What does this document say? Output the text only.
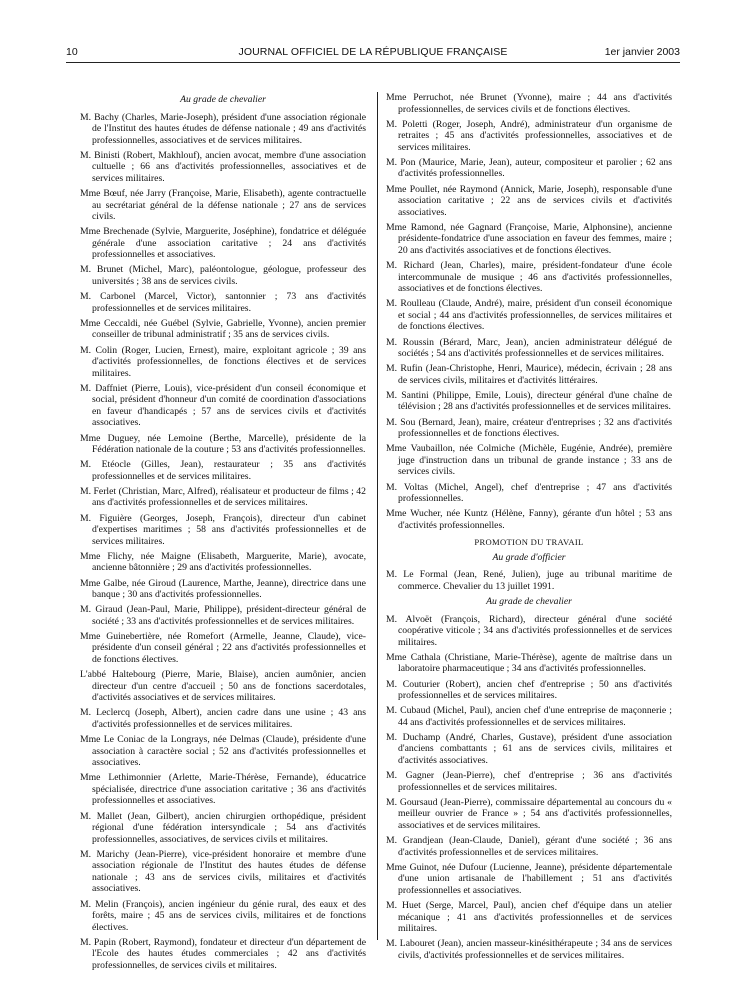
10	JOURNAL OFFICIEL DE LA RÉPUBLIQUE FRANÇAISE	1er janvier 2003
Au grade de chevalier

M. Bachy (Charles, Marie-Joseph), président d'une association régionale de l'Institut des hautes études de défense nationale ; 49 ans d'activités professionnelles, associatives et de services militaires.

M. Binisti (Robert, Makhlouf), ancien avocat, membre d'une association cultuelle ; 66 ans d'activités professionnelles, associatives et de services militaires.

Mme Bœuf, née Jarry (Françoise, Marie, Elisabeth), agente contractuelle au secrétariat général de la défense nationale ; 27 ans de services civils.

Mme Brechenade (Sylvie, Marguerite, Joséphine), fondatrice et déléguée générale d'une association caritative ; 24 ans d'activités professionnelles et associatives.

M. Brunet (Michel, Marc), paléontologue, géologue, professeur des universités ; 38 ans de services civils.

M. Carbonel (Marcel, Victor), santonnier ; 73 ans d'activités professionnelles et de services militaires.

Mme Ceccaldi, née Guébel (Sylvie, Gabrielle, Yvonne), ancien premier conseiller de tribunal administratif ; 35 ans de services civils.

M. Colin (Roger, Lucien, Ernest), maire, exploitant agricole ; 39 ans d'activités professionnelles, de fonctions électives et de services militaires.

M. Daffniet (Pierre, Louis), vice-président d'un conseil économique et social, président d'honneur d'un comité de coordination d'associations en faveur d'handicapés ; 57 ans de services civils et d'activités associatives.

Mme Duguey, née Lemoine (Berthe, Marcelle), présidente de la Fédération nationale de la couture ; 53 ans d'activités professionnelles.

M. Etéocle (Gilles, Jean), restaurateur ; 35 ans d'activités professionnelles et de services militaires.

M. Ferlet (Christian, Marc, Alfred), réalisateur et producteur de films ; 42 ans d'activités professionnelles et de services militaires.

M. Figuière (Georges, Joseph, François), directeur d'un cabinet d'expertises maritimes ; 58 ans d'activités professionnelles et de services militaires.

Mme Flichy, née Maigne (Elisabeth, Marguerite, Marie), avocate, ancienne bâtonnière ; 29 ans d'activités professionnelles.

Mme Galbe, née Giroud (Laurence, Marthe, Jeanne), directrice dans une banque ; 30 ans d'activités professionnelles.

M. Giraud (Jean-Paul, Marie, Philippe), président-directeur général de société ; 33 ans d'activités professionnelles et de services militaires.

Mme Guinebertière, née Romefort (Armelle, Jeanne, Claude), vice-présidente d'un conseil général ; 22 ans d'activités professionnelles et de fonctions électives.

L'abbé Haltebourg (Pierre, Marie, Blaise), ancien aumônier, ancien directeur d'un centre d'accueil ; 50 ans de fonctions sacerdotales, d'activités associatives et de services militaires.

M. Leclercq (Joseph, Albert), ancien cadre dans une usine ; 43 ans d'activités professionnelles et de services militaires.

Mme Le Coniac de la Longrays, née Delmas (Claude), présidente d'une association à caractère social ; 52 ans d'activités professionnelles et associatives.

Mme Lethimonnier (Arlette, Marie-Thérèse, Fernande), éducatrice spécialisée, directrice d'une association caritative ; 36 ans d'activités professionnelles et associatives.

M. Mallet (Jean, Gilbert), ancien chirurgien orthopédique, président régional d'une fédération intersyndicale ; 54 ans d'activités professionnelles, associatives, de services civils et militaires.

M. Marichy (Jean-Pierre), vice-président honoraire et membre d'une association régionale de l'Institut des hautes études de défense nationale ; 43 ans de services civils, militaires et d'activités associatives.

M. Melin (François), ancien ingénieur du génie rural, des eaux et des forêts, maire ; 45 ans de services civils, militaires et de fonctions électives.

M. Papin (Robert, Raymond), fondateur et directeur d'un département de l'Ecole des hautes études commerciales ; 42 ans d'activités professionnelles, de services civils et militaires.

Mme Perruchot, née Brunet (Yvonne), maire ; 44 ans d'activités professionnelles, de services civils et de fonctions électives.

M. Poletti (Roger, Joseph, André), administrateur d'un organisme de retraites ; 45 ans d'activités professionnelles, associatives et de services militaires.

M. Pon (Maurice, Marie, Jean), auteur, compositeur et parolier ; 62 ans d'activités professionnelles.

Mme Poullet, née Raymond (Annick, Marie, Joseph), responsable d'une association caritative ; 22 ans de services civils et d'activités associatives.

Mme Ramond, née Gagnard (Françoise, Marie, Alphonsine), ancienne présidente-fondatrice d'une association en faveur des femmes, maire ; 20 ans d'activités associatives et de fonctions électives.

M. Richard (Jean, Charles), maire, président-fondateur d'une école intercommunale de musique ; 46 ans d'activités professionnelles, associatives et de fonctions électives.

M. Roulleau (Claude, André), maire, président d'un conseil économique et social ; 44 ans d'activités professionnelles, de services militaires et de fonctions électives.

M. Roussin (Bérard, Marc, Jean), ancien administrateur délégué de sociétés ; 54 ans d'activités professionnelles et de services militaires.

M. Rufin (Jean-Christophe, Henri, Maurice), médecin, écrivain ; 28 ans de services civils, militaires et d'activités littéraires.

M. Santini (Philippe, Emile, Louis), directeur général d'une chaîne de télévision ; 28 ans d'activités professionnelles et de services militaires.

M. Sou (Bernard, Jean), maire, créateur d'entreprises ; 32 ans d'activités professionnelles et de fonctions électives.

Mme Vaubaillon, née Colmiche (Michèle, Eugénie, Andrée), première juge d'instruction dans un tribunal de grande instance ; 33 ans de services civils.

M. Voltas (Michel, Angel), chef d'entreprise ; 47 ans d'activités professionnelles.

Mme Wucher, née Kuntz (Hélène, Fanny), gérante d'un hôtel ; 53 ans d'activités professionnelles.

PROMOTION DU TRAVAIL
Au grade d'officier

M. Le Formal (Jean, René, Julien), juge au tribunal maritime de commerce. Chevalier du 13 juillet 1991.

Au grade de chevalier

M. Alvoët (François, Richard), directeur général d'une société coopérative viticole ; 34 ans d'activités professionnelles et de services militaires.

Mme Cathala (Christiane, Marie-Thérèse), agente de maîtrise dans un laboratoire pharmaceutique ; 34 ans d'activités professionnelles.

M. Couturier (Robert), ancien chef d'entreprise ; 50 ans d'activités professionnelles et de services militaires.

M. Cubaud (Michel, Paul), ancien chef d'une entreprise de maçonnerie ; 44 ans d'activités professionnelles et de services militaires.

M. Duchamp (André, Charles, Gustave), président d'une association d'anciens combattants ; 61 ans de services civils, militaires et d'activités associatives.

M. Gagner (Jean-Pierre), chef d'entreprise ; 36 ans d'activités professionnelles et de services militaires.

M. Goursaud (Jean-Pierre), commissaire départemental au concours du « meilleur ouvrier de France » ; 54 ans d'activités professionnelles, associatives et de services militaires.

M. Grandjean (Jean-Claude, Daniel), gérant d'une société ; 36 ans d'activités professionnelles et de services militaires.

Mme Guinot, née Dufour (Lucienne, Jeanne), présidente départementale d'une union artisanale de l'habillement ; 51 ans d'activités professionnelles et associatives.

M. Huet (Serge, Marcel, Paul), ancien chef d'équipe dans un atelier mécanique ; 41 ans d'activités professionnelles et de services militaires.

M. Labouret (Jean), ancien masseur-kinésithérapeute ; 34 ans de services civils, d'activités professionnelles et de services militaires.
